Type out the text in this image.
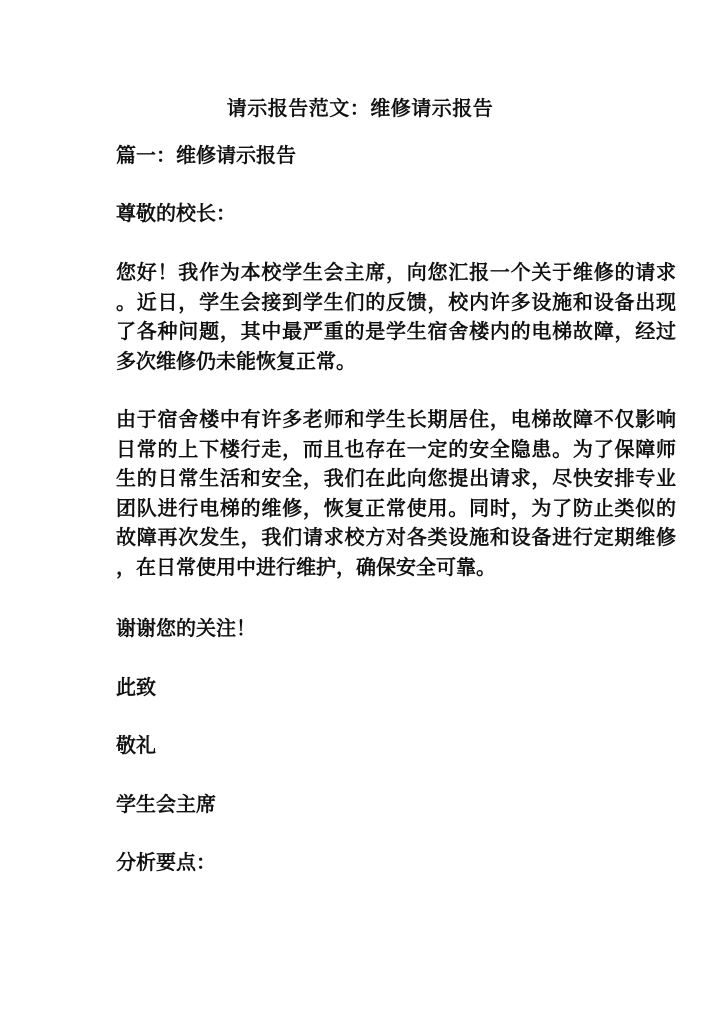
请示报告范文：维修请示报告
篇一：维修请示报告
尊敬的校长：
您好！我作为本校学生会主席，向您汇报一个关于维修的请求
。近日，学生会接到学生们的反馈，校内许多设施和设备出现
了各种问题，其中最严重的是学生宿舍楼内的电梯故障，经过
多次维修仍未能恢复正常。
由于宿舍楼中有许多老师和学生长期居住，电梯故障不仅影响
日常的上下楼行走，而且也存在一定的安全隐患。为了保障师
生的日常生活和安全，我们在此向您提出请求，尽快安排专业
团队进行电梯的维修，恢复正常使用。同时，为了防止类似的
故障再次发生，我们请求校方对各类设施和设备进行定期维修
，在日常使用中进行维护，确保安全可靠。
谢谢您的关注！
此致
敬礼
学生会主席
分析要点：
